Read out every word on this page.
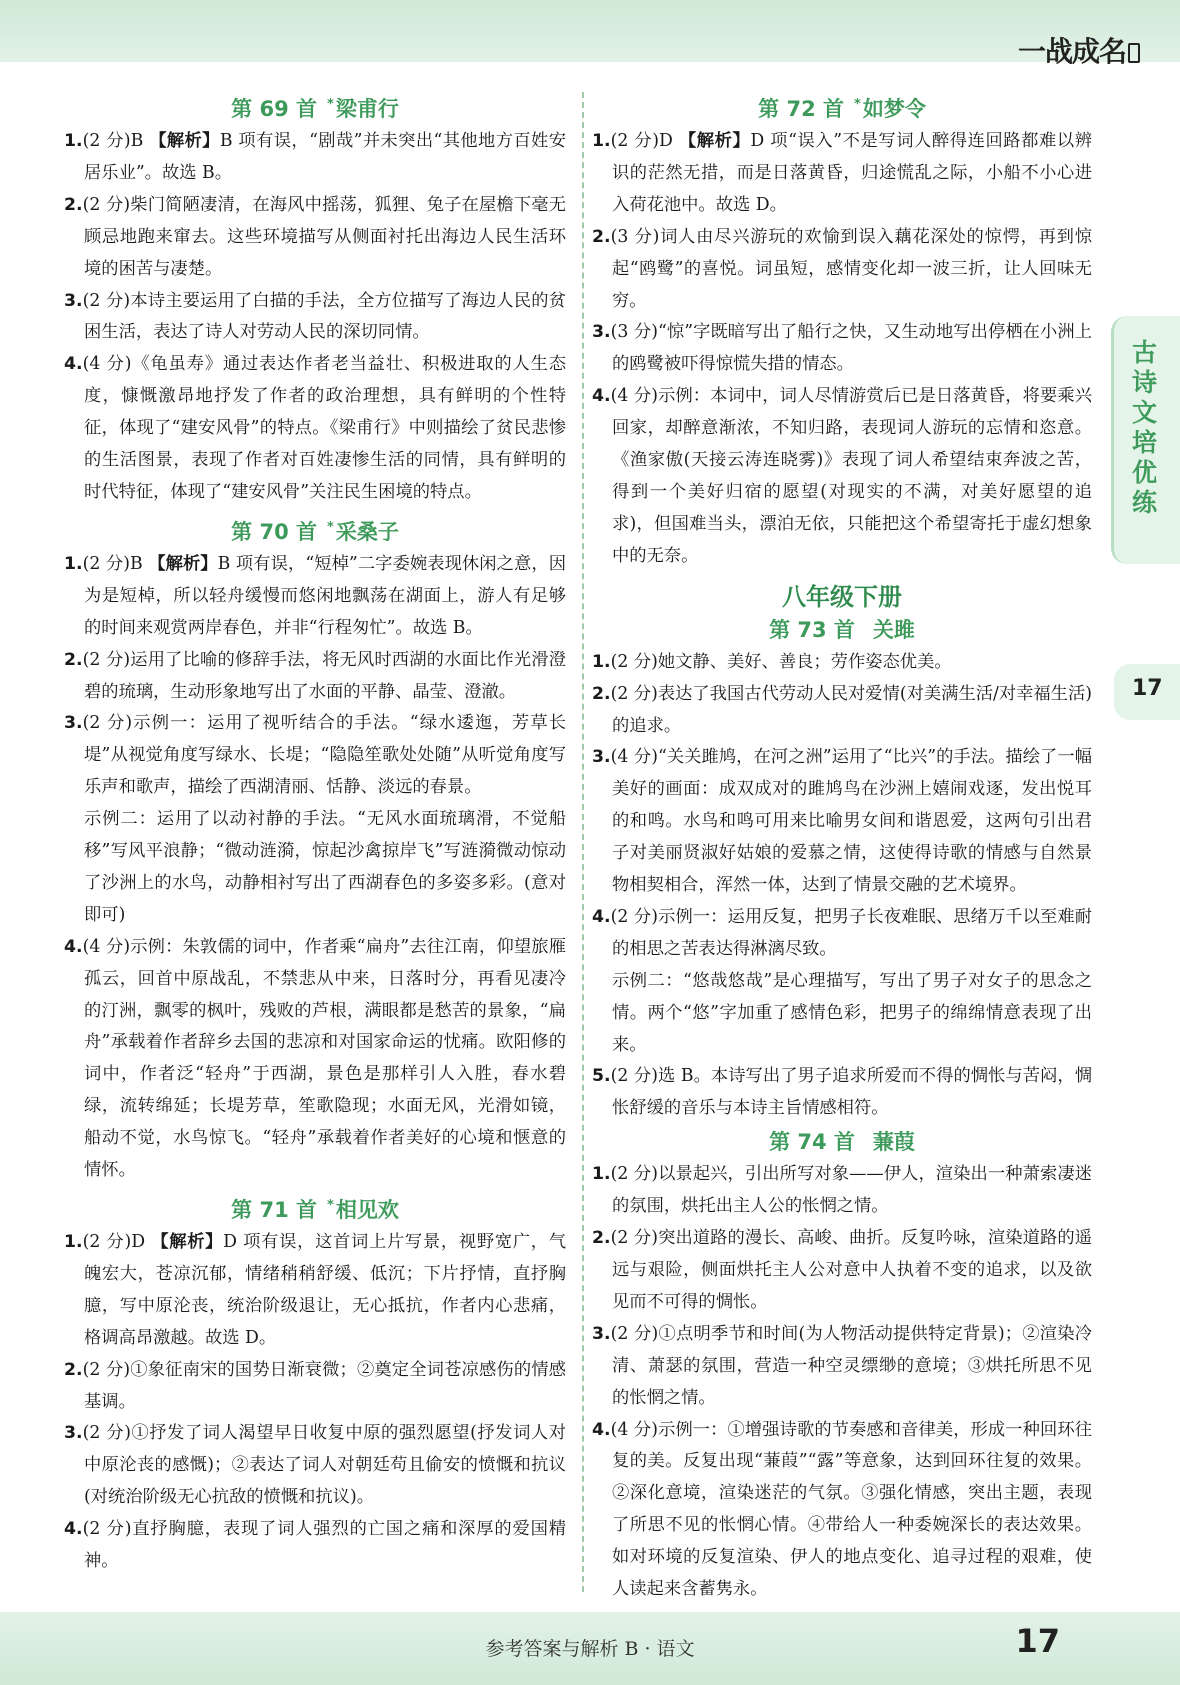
一战成名
第 69 首 *梁甫行

1.(2 分)B 【解析】B 项有误，“剧哉”并未突出“其他地方百姓安居乐业”。故选 B。

2.(2 分)柴门简陋凄清，在海风中摇荡，狐狸、兔子在屋檐下毫无顾忌地跑来窜去。这些环境描写从侧面衬托出海边人民生活环境的困苦与凄楚。

3.(2 分)本诗主要运用了白描的手法，全方位描写了海边人民的贫困生活，表达了诗人对劳动人民的深切同情。

4.(4 分)《龟虽寿》通过表达作者老当益壮、积极进取的人生态度，慷慨激昂地抒发了作者的政治理想，具有鲜明的个性特征，体现了“建安风骨”的特点。《梁甫行》中则描绘了贫民悲惨的生活图景，表现了作者对百姓凄惨生活的同情，具有鲜明的时代特征，体现了“建安风骨”关注民生困境的特点。

第 70 首 *采桑子

1.(2 分)B 【解析】B 项有误，“短棹”二字委婉表现休闲之意，因为是短棹，所以轻舟缓慢而悠闲地飘荡在湖面上，游人有足够的时间来观赏两岸春色，并非“行程匆忙”。故选 B。

2.(2 分)运用了比喻的修辞手法，将无风时西湖的水面比作光滑澄碧的琉璃，生动形象地写出了水面的平静、晶莹、澄澈。

3.(2 分)示例一：运用了视听结合的手法。“绿水逶迤，芳草长堤”从视觉角度写绿水、长堤；“隐隐笙歌处处随”从听觉角度写乐声和歌声，描绘了西湖清丽、恬静、淡远的春景。

示例二：运用了以动衬静的手法。“无风水面琉璃滑，不觉船移”写风平浪静；“微动涟漪，惊起沙禽掠岸飞”写涟漪微动惊动了沙洲上的水鸟，动静相衬写出了西湖春色的多姿多彩。(意对即可)

4.(4 分)示例：朱敦儒的词中，作者乘“扁舟”去往江南，仰望旅雁孤云，回首中原战乱，不禁悲从中来，日落时分，再看见凄冷的汀洲，飘零的枫叶，残败的芦根，满眼都是愁苦的景象，“扁舟”承载着作者辞乡去国的悲凉和对国家命运的忧痛。欧阳修的词中，作者泛“轻舟”于西湖，景色是那样引人入胜，春水碧绿，流转绵延；长堤芳草，笙歌隐现；水面无风，光滑如镜，船动不觉，水鸟惊飞。“轻舟”承载着作者美好的心境和惬意的情怀。

第 71 首 *相见欢

1.(2 分)D 【解析】D 项有误，这首词上片写景，视野宽广，气魄宏大，苍凉沉郁，情绪稍稍舒缓、低沉；下片抒情，直抒胸臆，写中原沦丧，统治阶级退让，无心抵抗，作者内心悲痛，格调高昂激越。故选 D。

2.(2 分)①象征南宋的国势日渐衰微；②奠定全词苍凉感伤的情感基调。

3.(2 分)①抒发了词人渴望早日收复中原的强烈愿望(抒发词人对中原沦丧的感慨)；②表达了词人对朝廷苟且偷安的愤慨和抗议(对统治阶级无心抗敌的愤慨和抗议)。

4.(2 分)直抒胸臆，表现了词人强烈的亡国之痛和深厚的爱国精神。

第 72 首 *如梦令

1.(2 分)D 【解析】D 项“误入”不是写词人醉得连回路都难以辨识的茫然无措，而是日落黄昏，归途慌乱之际，小船不小心进入荷花池中。故选 D。

2.(3 分)词人由尽兴游玩的欢愉到误入藕花深处的惊愕，再到惊起“鸥鹭”的喜悦。词虽短，感情变化却一波三折，让人回味无穷。

3.(3 分)“惊”字既暗写出了船行之快，又生动地写出停栖在小洲上的鸥鹭被吓得惊慌失措的情态。

4.(4 分)示例：本词中，词人尽情游赏后已是日落黄昏，将要乘兴回家，却醉意渐浓，不知归路，表现词人游玩的忘情和恣意。《渔家傲(天接云涛连晓雾)》表现了词人希望结束奔波之苦，得到一个美好归宿的愿望(对现实的不满，对美好愿望的追求)，但国难当头，漂泊无依，只能把这个希望寄托于虚幻想象中的无奈。

八年级下册
第 73 首 关雎

1.(2 分)她文静、美好、善良；劳作姿态优美。

2.(2 分)表达了我国古代劳动人民对爱情(对美满生活/对幸福生活)的追求。

3.(4 分)“关关雎鸠，在河之洲”运用了“比兴”的手法。描绘了一幅美好的画面：成双成对的雎鸠鸟在沙洲上嬉闹戏逐，发出悦耳的和鸣。水鸟和鸣可用来比喻男女间和谐恩爱，这两句引出君子对美丽贤淑好姑娘的爱慕之情，这使得诗歌的情感与自然景物相契相合，浑然一体，达到了情景交融的艺术境界。

4.(2 分)示例一：运用反复，把男子长夜难眠、思绪万千以至难耐的相思之苦表达得淋漓尽致。

示例二：“悠哉悠哉”是心理描写，写出了男子对女子的思念之情。两个“悠”字加重了感情色彩，把男子的绵绵情意表现了出来。

5.(2 分)选 B。本诗写出了男子追求所爱而不得的惆怅与苦闷，惆怅舒缓的音乐与本诗主旨情感相符。

第 74 首 蒹葭

1.(2 分)以景起兴，引出所写对象——伊人，渲染出一种萧索凄迷的氛围，烘托出主人公的怅惘之情。

2.(2 分)突出道路的漫长、高峻、曲折。反复吟咏，渲染道路的遥远与艰险，侧面烘托主人公对意中人执着不变的追求，以及欲见而不可得的惆怅。

3.(2 分)①点明季节和时间(为人物活动提供特定背景)；②渲染冷清、萧瑟的氛围，营造一种空灵缥缈的意境；③烘托所思不见的怅惘之情。

4.(4 分)示例一：①增强诗歌的节奏感和音律美，形成一种回环往复的美。反复出现“蒹葭”“露”等意象，达到回环往复的效果。②深化意境，渲染迷茫的气氛。③强化情感，突出主题，表现了所思不见的怅惘心情。④带给人一种委婉深长的表达效果。如对环境的反复渲染、伊人的地点变化、追寻过程的艰难，使人读起来含蓄隽永。

古诗文培优练
17
参考答案与解析 B · 语文	17
